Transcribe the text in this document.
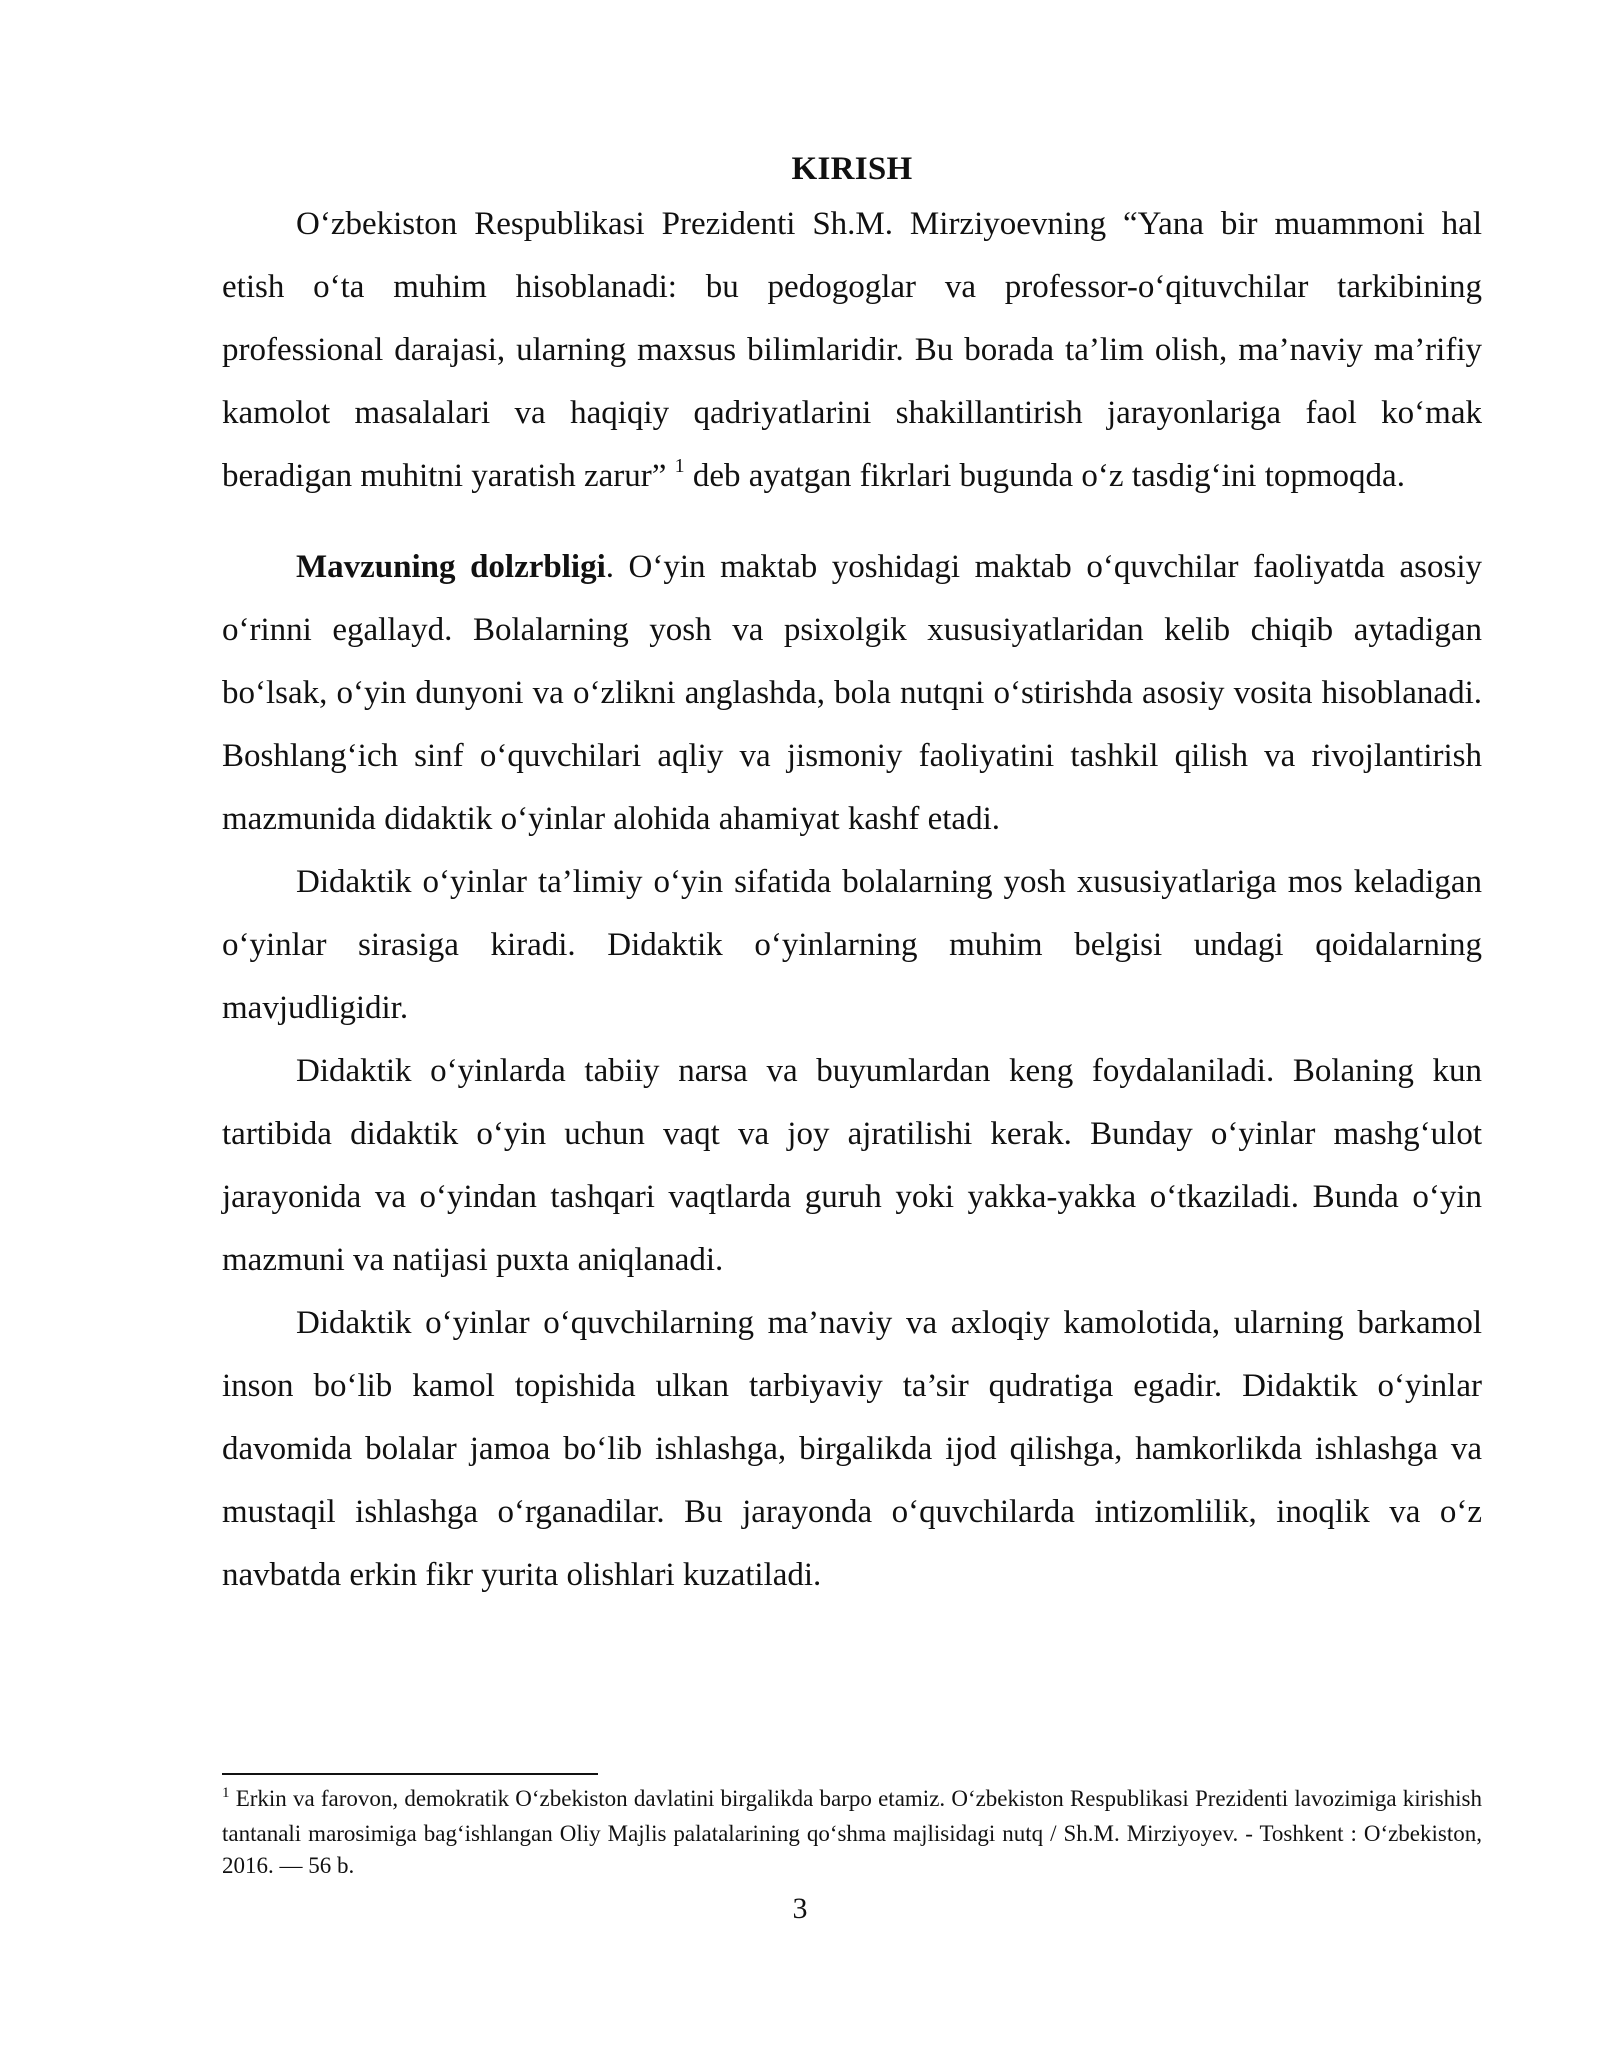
KIRISH

O‘zbekiston Respublikasi Prezidenti Sh.M. Mirziyoevning “Yana bir muammoni hal etish o‘ta muhim hisoblanadi: bu pedogoglar va professor-o‘qituvchilar tarkibining professional darajasi, ularning maxsus bilimlaridir. Bu borada ta’lim olish, ma’naviy ma’rifiy kamolot masalalari va haqiqiy qadriyatlarini shakillantirish jarayonlariga faol ko‘mak beradigan muhitni yaratish zarur” $^1$ deb ayatgan fikrlari bugunda o‘z tasdig‘ini topmoqda.

Mavzuning dolzrbligi. O‘yin maktab yoshidagi maktab o‘quvchilar faoliyatda asosiy o‘rinni egallayd. Bolalarning yosh va psixolgik xususiyatlaridan kelib chiqib aytadigan bo‘lsak, o‘yin dunyoni va o‘zlikni anglashda, bola nutqni o‘stirishda asosiy vosita hisoblanadi. Boshlang‘ich sinf o‘quvchilari aqliy va jismoniy faoliyatini tashkil qilish va rivojlantirish mazmunida didaktik o‘yinlar alohida ahamiyat kashf etadi.

Didaktik o‘yinlar ta’limiy o‘yin sifatida bolalarning yosh xususiyatlariga mos keladigan o‘yinlar sirasiga kiradi. Didaktik o‘yinlarning muhim belgisi undagi qoidalarning mavjudligidir.

Didaktik o‘yinlarda tabiiy narsa va buyumlardan keng foydalaniladi. Bolaning kun tartibida didaktik o‘yin uchun vaqt va joy ajratilishi kerak. Bunday o‘yinlar mashg‘ulot jarayonida va o‘yindan tashqari vaqtlarda guruh yoki yakka-yakka o‘tkaziladi. Bunda o‘yin mazmuni va natijasi puxta aniqlanadi.

Didaktik o‘yinlar o‘quvchilarning ma’naviy va axloqiy kamolotida, ularning barkamol inson bo‘lib kamol topishida ulkan tarbiyaviy ta’sir qudratiga egadir. Didaktik o‘yinlar davomida bolalar jamoa bo‘lib ishlashga, birgalikda ijod qilishga, hamkorlikda ishlashga va mustaqil ishlashga o‘rganadilar. Bu jarayonda o‘quvchilarda intizomlilik, inoqlik va o‘z navbatda erkin fikr yurita olishlari kuzatiladi.

$^1$ Erkin va farovon, demokratik O‘zbekiston davlatini birgalikda barpo etamiz. O‘zbekiston Respublikasi Prezidenti lavozimiga kirishish tantanali marosimiga bag‘ishlangan Oliy Majlis palatalarining qo‘shma majlisidagi nutq / Sh.M. Mirziyoyev. - Toshkent : O‘zbekiston, 2016. — 56 b.

3
